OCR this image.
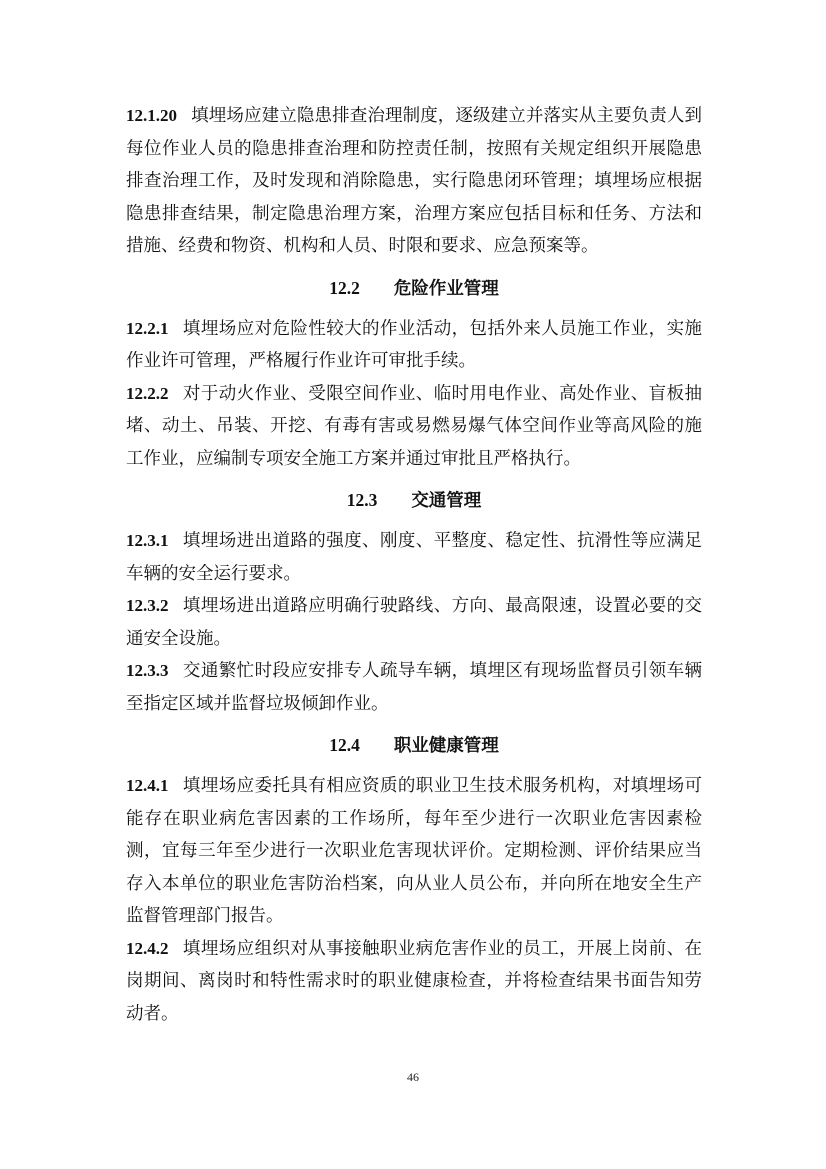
12.1.20 填埋场应建立隐患排查治理制度，逐级建立并落实从主要负责人到每位作业人员的隐患排查治理和防控责任制，按照有关规定组织开展隐患排查治理工作，及时发现和消除隐患，实行隐患闭环管理；填埋场应根据隐患排查结果，制定隐患治理方案，治理方案应包括目标和任务、方法和措施、经费和物资、机构和人员、时限和要求、应急预案等。

12.2 危险作业管理

12.2.1 填埋场应对危险性较大的作业活动，包括外来人员施工作业，实施作业许可管理，严格履行作业许可审批手续。

12.2.2 对于动火作业、受限空间作业、临时用电作业、高处作业、盲板抽堵、动土、吊装、开挖、有毒有害或易燃易爆气体空间作业等高风险的施工作业，应编制专项安全施工方案并通过审批且严格执行。

12.3 交通管理

12.3.1 填埋场进出道路的强度、刚度、平整度、稳定性、抗滑性等应满足车辆的安全运行要求。

12.3.2 填埋场进出道路应明确行驶路线、方向、最高限速，设置必要的交通安全设施。

12.3.3 交通繁忙时段应安排专人疏导车辆，填埋区有现场监督员引领车辆至指定区域并监督垃圾倾卸作业。

12.4 职业健康管理

12.4.1 填埋场应委托具有相应资质的职业卫生技术服务机构，对填埋场可能存在职业病危害因素的工作场所，每年至少进行一次职业危害因素检测，宜每三年至少进行一次职业危害现状评价。定期检测、评价结果应当存入本单位的职业危害防治档案，向从业人员公布，并向所在地安全生产监督管理部门报告。

12.4.2 填埋场应组织对从事接触职业病危害作业的员工，开展上岗前、在岗期间、离岗时和特性需求时的职业健康检查，并将检查结果书面告知劳动者。

46
